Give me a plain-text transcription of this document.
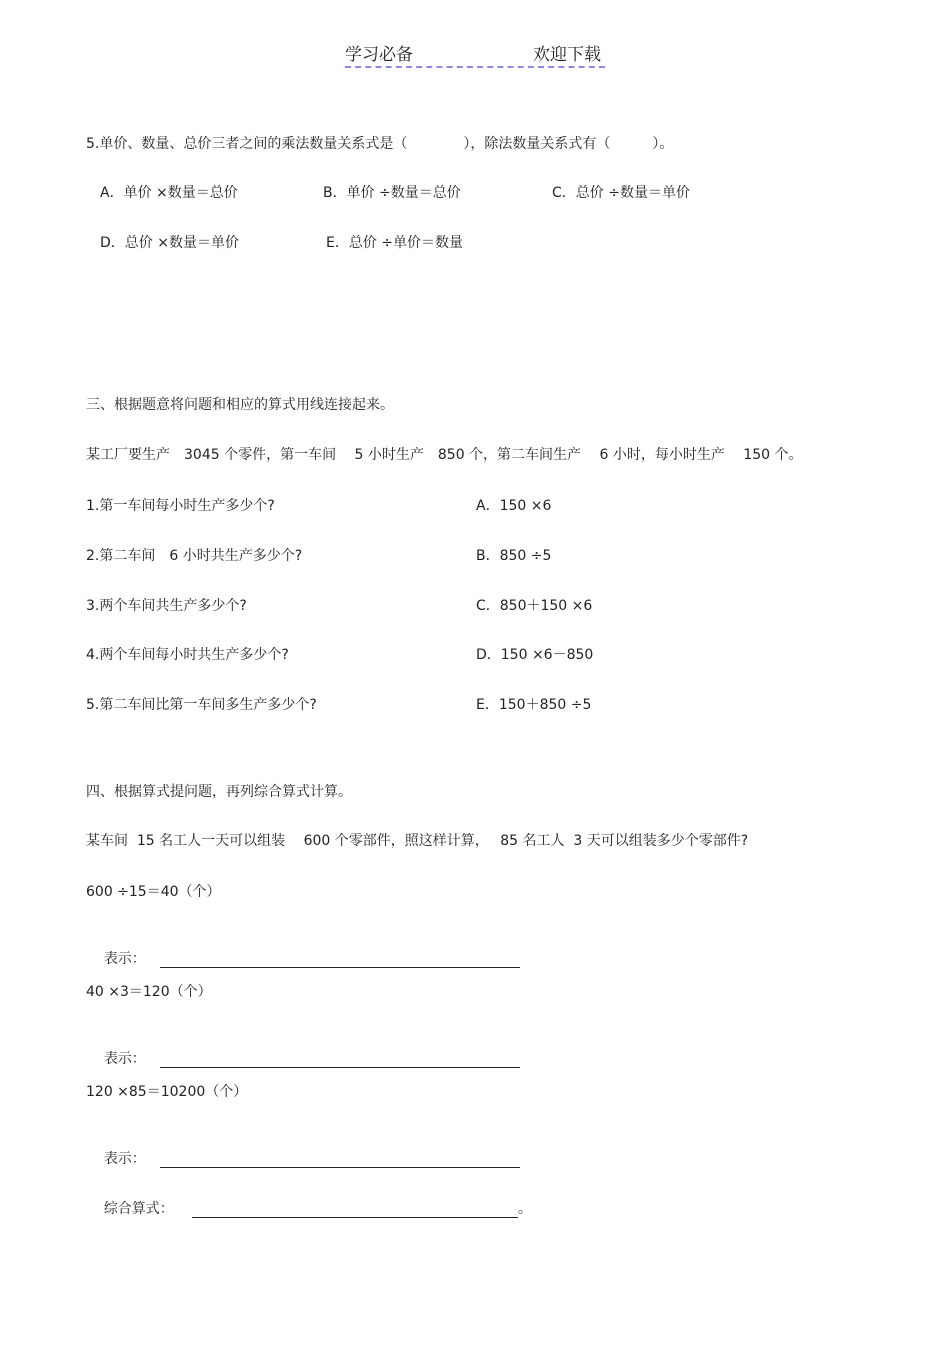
学习必备	欢迎下载
5.单价、数量、总价三者之间的乘法数量关系式是（　　　　），除法数量关系式有（　　　）。
A．单价 ×数量＝总价	B．单价 ÷数量＝总价	C．总价 ÷数量＝单价
D．总价 ×数量＝单价	E．总价 ÷单价＝数量
三、根据题意将问题和相应的算式用线连接起来。
某工厂要生产　3045 个零件，第一车间　 5 小时生产　850 个，第二车间生产　 6 小时，每小时生产　 150 个。
1.第一车间每小时生产多少个?
2.第二车间　6 小时共生产多少个?
3.两个车间共生产多少个?
4.两个车间每小时共生产多少个?
5.第二车间比第一车间多生产多少个?
A．150 ×6
B．850 ÷5
C．850＋150 ×6
D．150 ×6－850
E．150＋850 ÷5
四、根据算式提问题，再列综合算式计算。
某车间  15 名工人一天可以组装　 600 个零部件，照这样计算，　 85 名工人  3 天可以组装多少个零部件?
600 ÷15＝40（个）

表示：

40 ×3＝120（个）

表示：

120 ×85＝10200（个）

表示：

综合算式：	。
